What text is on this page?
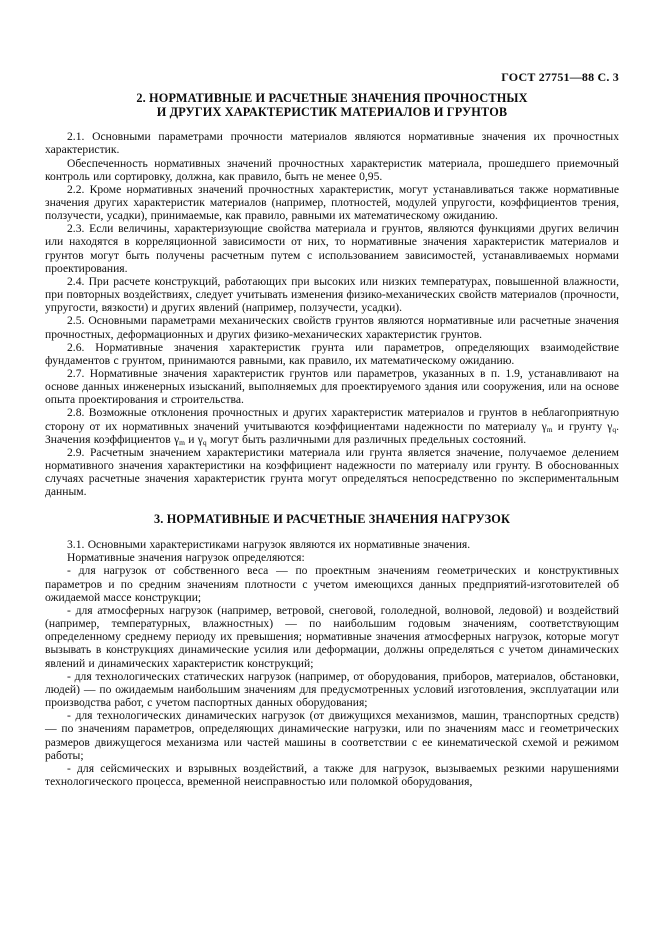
ГОСТ 27751—88 С. 3
2. НОРМАТИВНЫЕ И РАСЧЕТНЫЕ ЗНАЧЕНИЯ ПРОЧНОСТНЫХ
И ДРУГИХ ХАРАКТЕРИСТИК МАТЕРИАЛОВ И ГРУНТОВ

2.1. Основными параметрами прочности материалов являются нормативные значения их прочностных характеристик.

Обеспеченность нормативных значений прочностных характеристик материала, прошедшего приемочный контроль или сортировку, должна, как правило, быть не менее 0,95.

2.2. Кроме нормативных значений прочностных характеристик, могут устанавливаться также нормативные значения других характеристик материалов (например, плотностей, модулей упругости, коэффициентов трения, ползучести, усадки), принимаемые, как правило, равными их математическому ожиданию.

2.3. Если величины, характеризующие свойства материала и грунтов, являются функциями других величин или находятся в корреляционной зависимости от них, то нормативные значения характеристик материалов и грунтов могут быть получены расчетным путем с использованием зависимостей, устанавливаемых нормами проектирования.

2.4. При расчете конструкций, работающих при высоких или низких температурах, повышенной влажности, при повторных воздействиях, следует учитывать изменения физико-механических свойств материалов (прочности, упругости, вязкости) и других явлений (например, ползучести, усадки).

2.5. Основными параметрами механических свойств грунтов являются нормативные или расчетные значения прочностных, деформационных и других физико-механических характеристик грунтов.

2.6. Нормативные значения характеристик грунта или параметров, определяющих взаимодействие фундаментов с грунтом, принимаются равными, как правило, их математическому ожиданию.

2.7. Нормативные значения характеристик грунтов или параметров, указанных в п. 1.9, устанавливают на основе данных инженерных изысканий, выполняемых для проектируемого здания или сооружения, или на основе опыта проектирования и строительства.

2.8. Возможные отклонения прочностных и других характеристик материалов и грунтов в неблагоприятную сторону от их нормативных значений учитываются коэффициентами надежности по материалу $\gamma_m$ и грунту $\gamma_q$. Значения коэффициентов $\gamma_m$ и $\gamma_q$ могут быть различными для различных предельных состояний.

2.9. Расчетным значением характеристики материала или грунта является значение, получаемое делением нормативного значения характеристики на коэффициент надежности по материалу или грунту. В обоснованных случаях расчетные значения характеристик грунта могут определяться непосредственно по экспериментальным данным.

3. НОРМАТИВНЫЕ И РАСЧЕТНЫЕ ЗНАЧЕНИЯ НАГРУЗОК

3.1. Основными характеристиками нагрузок являются их нормативные значения.

Нормативные значения нагрузок определяются:

- для нагрузок от собственного веса — по проектным значениям геометрических и конструктивных параметров и по средним значениям плотности с учетом имеющихся данных предприятий-изготовителей об ожидаемой массе конструкции;

- для атмосферных нагрузок (например, ветровой, снеговой, гололедной, волновой, ледовой) и воздействий (например, температурных, влажностных) — по наибольшим годовым значениям, соответствующим определенному среднему периоду их превышения; нормативные значения атмосферных нагрузок, которые могут вызывать в конструкциях динамические усилия или деформации, должны определяться с учетом динамических явлений и динамических характеристик конструкций;

- для технологических статических нагрузок (например, от оборудования, приборов, материалов, обстановки, людей) — по ожидаемым наибольшим значениям для предусмотренных условий изготовления, эксплуатации или производства работ, с учетом паспортных данных оборудования;

- для технологических динамических нагрузок (от движущихся механизмов, машин, транспортных средств) — по значениям параметров, определяющих динамические нагрузки, или по значениям масс и геометрических размеров движущегося механизма или частей машины в соответствии с ее кинематической схемой и режимом работы;

- для сейсмических и взрывных воздействий, а также для нагрузок, вызываемых резкими нарушениями технологического процесса, временной неисправностью или поломкой оборудования,
